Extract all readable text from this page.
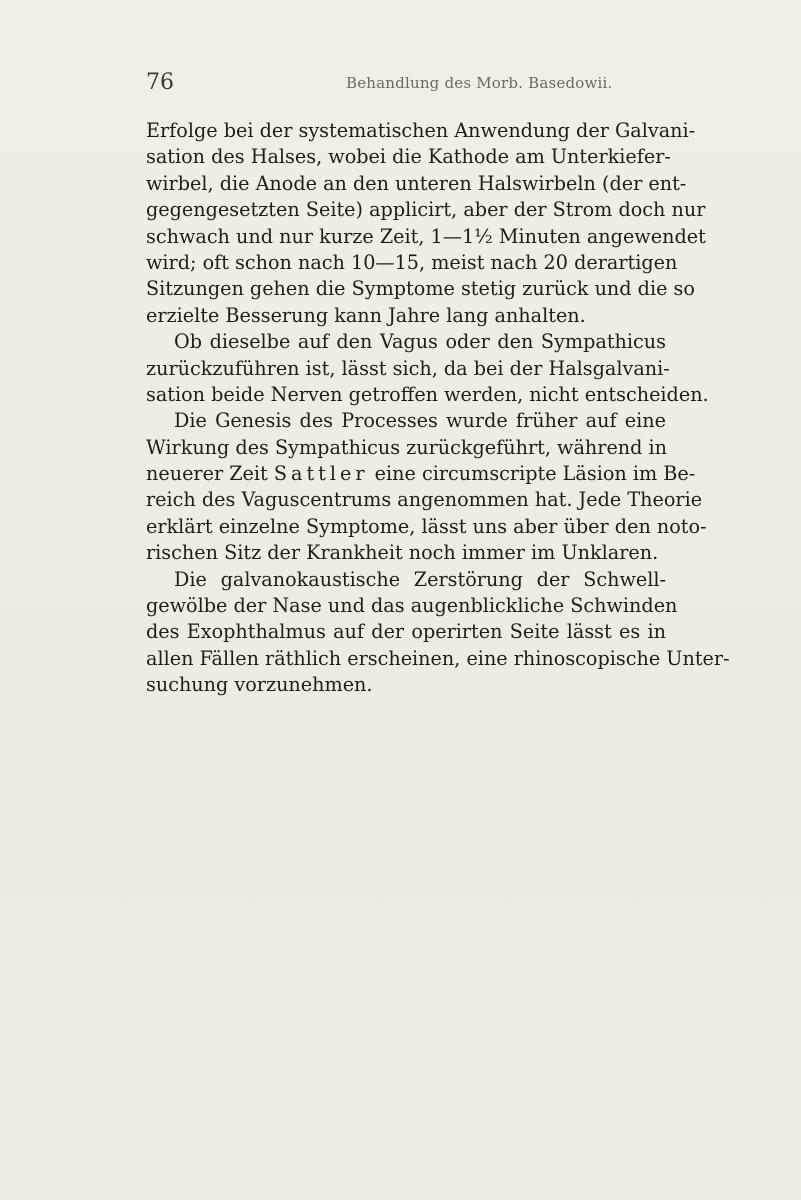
76	Behandlung des Morb. Basedowii.
Erfolge bei der systematischen Anwendung der Galvani-
sation des Halses, wobei die Kathode am Unterkiefer-
wirbel, die Anode an den unteren Halswirbeln (der ent-
gegengesetzten Seite) applicirt, aber der Strom doch nur
schwach und nur kurze Zeit, 1—1½ Minuten angewendet
wird; oft schon nach 10—15, meist nach 20 derartigen
Sitzungen gehen die Symptome stetig zurück und die so
erzielte Besserung kann Jahre lang anhalten.
Ob dieselbe auf den Vagus oder den Sympathicus
zurückzuführen ist, lässt sich, da bei der Halsgalvani-
sation beide Nerven getroffen werden, nicht entscheiden.
Die Genesis des Processes wurde früher auf eine
Wirkung des Sympathicus zurückgeführt, während in
neuerer Zeit Sattler eine circumscripte Läsion im Be-
reich des Vaguscentrums angenommen hat. Jede Theorie
erklärt einzelne Symptome, lässt uns aber über den noto-
rischen Sitz der Krankheit noch immer im Unklaren.
Die galvanokaustische Zerstörung der Schwell-
gewölbe der Nase und das augenblickliche Schwinden
des Exophthalmus auf der operirten Seite lässt es in
allen Fällen räthlich erscheinen, eine rhinoscopische Unter-
suchung vorzunehmen.
